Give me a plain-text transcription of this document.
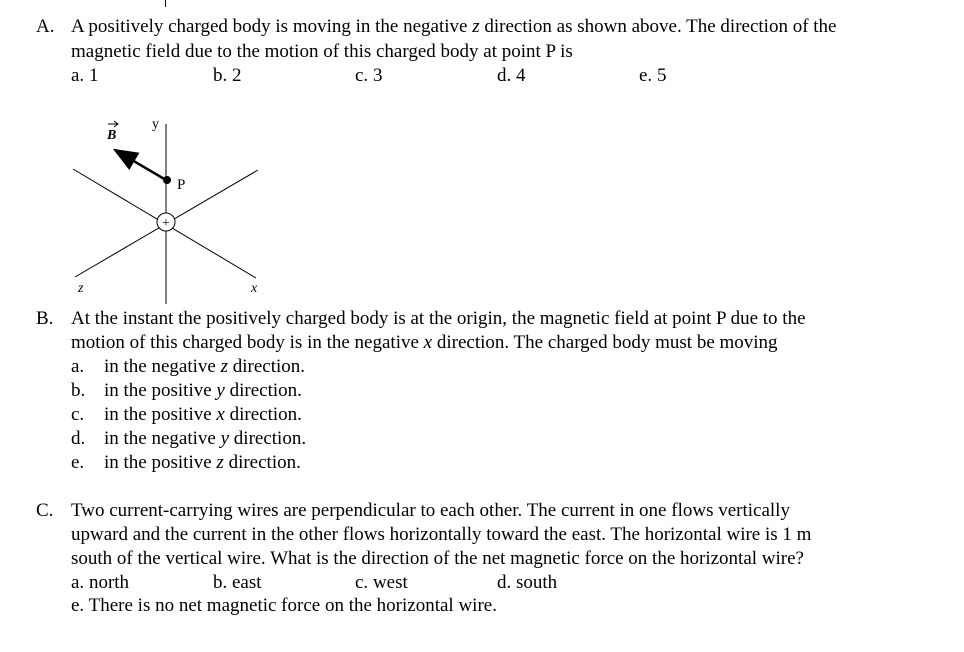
A. A positively charged body is moving in the negative z direction as shown above. The direction of the
magnetic field due to the motion of this charged body at point P is
a. 1	b. 2	c. 3	d. 4	e. 5
+
P
y
B
z	x
B. At the instant the positively charged body is at the origin, the magnetic field at point P due to the
motion of this charged body is in the negative x direction. The charged body must be moving
a. in the negative z direction.
b. in the positive y direction.
c. in the positive x direction.
d. in the negative y direction.
e. in the positive z direction.
C. Two current-carrying wires are perpendicular to each other. The current in one flows vertically
upward and the current in the other flows horizontally toward the east. The horizontal wire is 1 m
south of the vertical wire. What is the direction of the net magnetic force on the horizontal wire?
a. north	b. east	c. west	d. south
e. There is no net magnetic force on the horizontal wire.
